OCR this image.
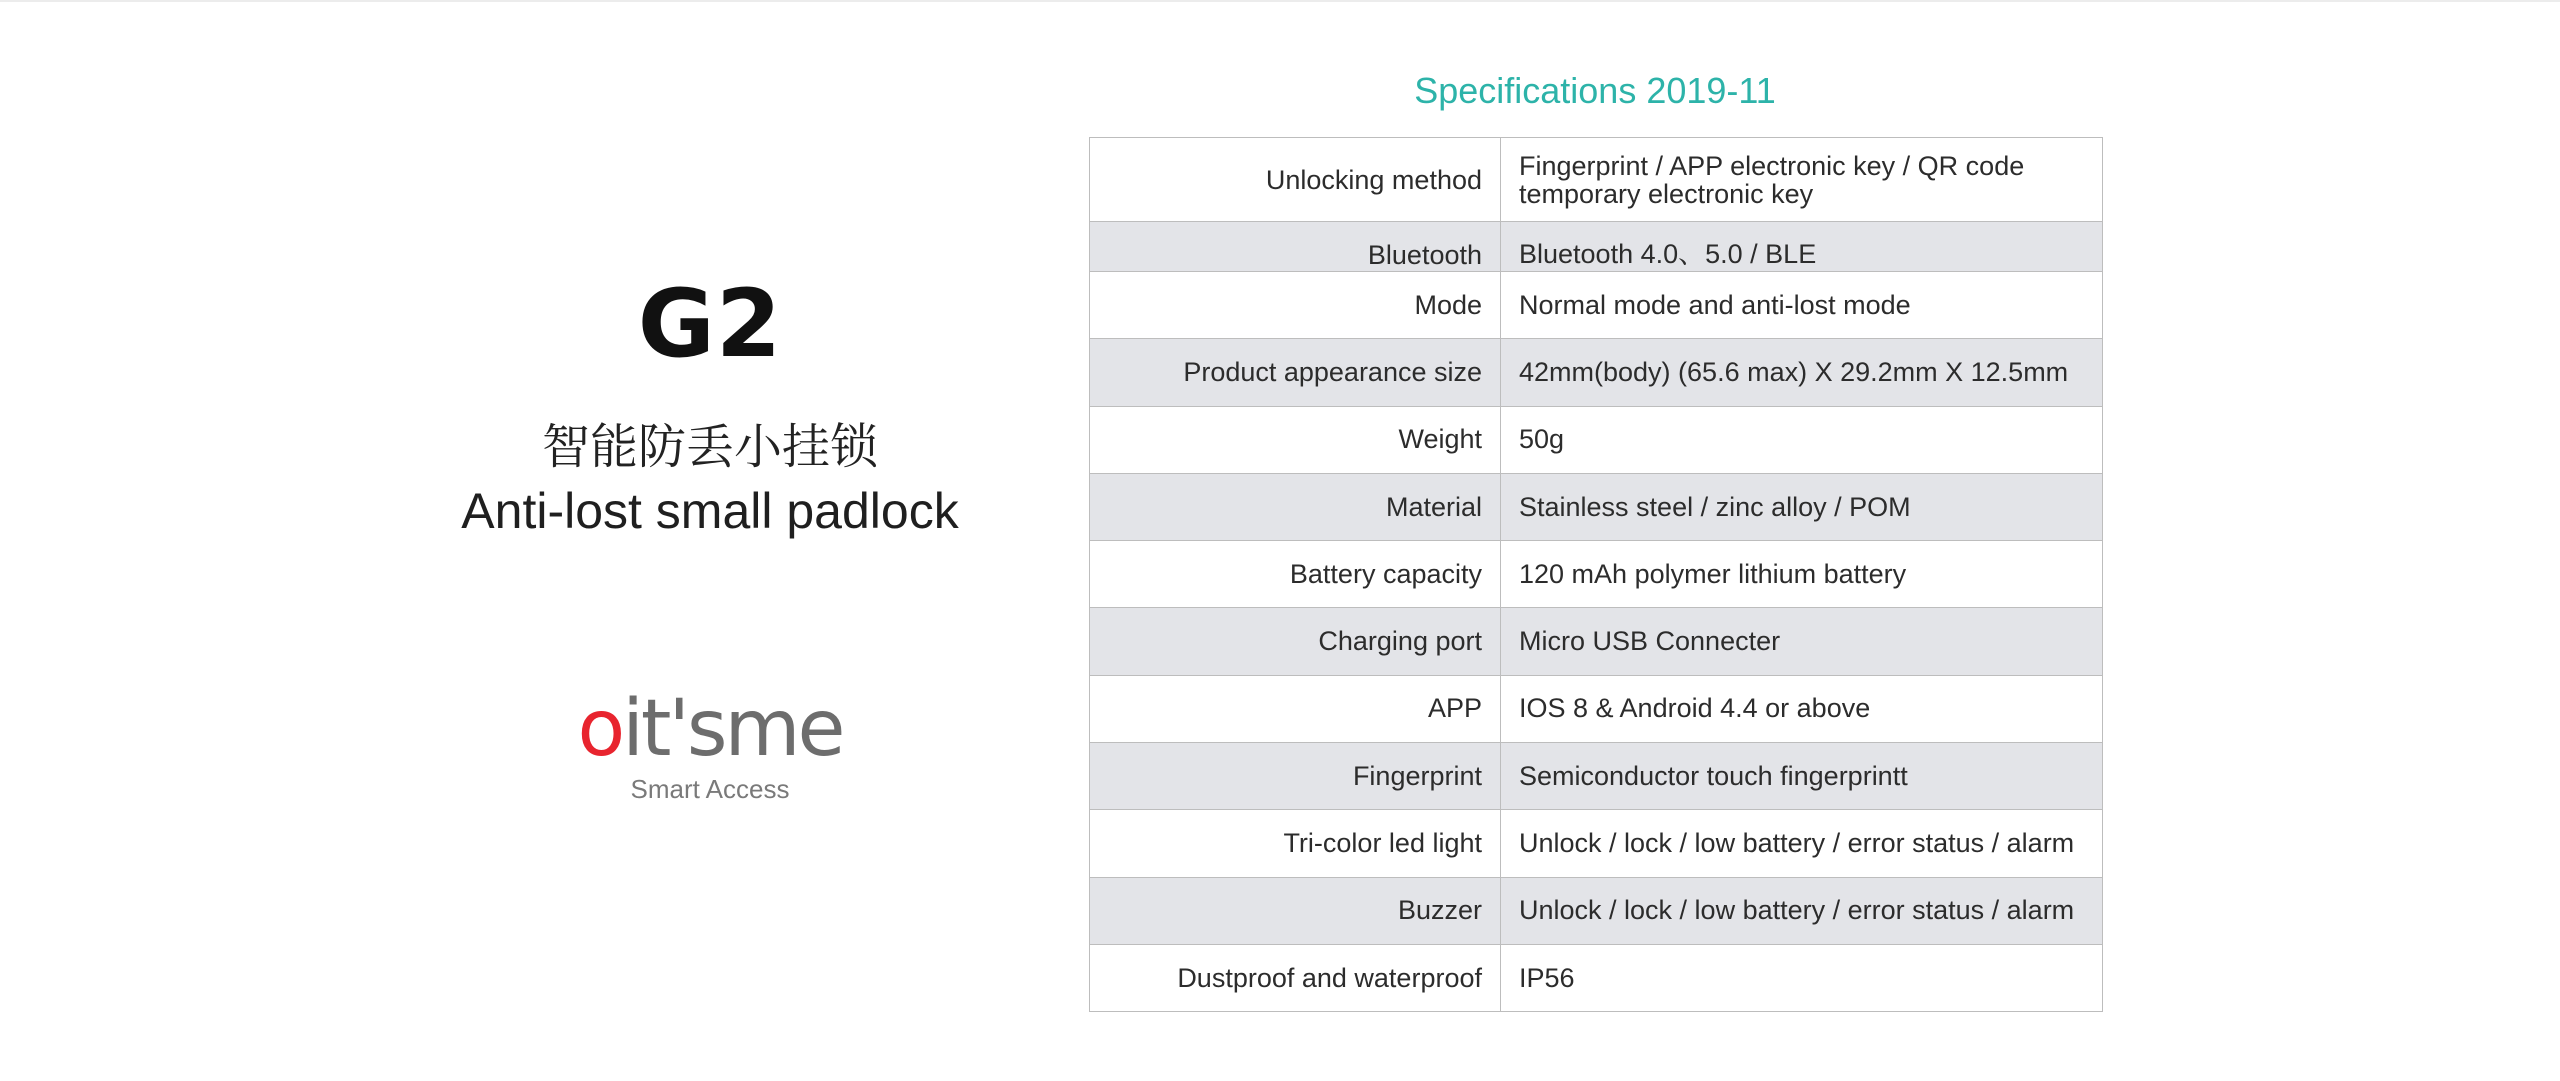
G2
智能防丢小挂锁
Anti-lost small padlock
oit'sme
Smart Access
Specifications 2019-11
Unlocking method	Fingerprint / APP electronic key / QR code temporary electronic key
Bluetooth	Bluetooth 4.0、5.0 / BLE
Mode	Normal mode and anti-lost mode
Product appearance size	42mm(body) (65.6 max) X 29.2mm X 12.5mm
Weight	50g
Material	Stainless steel / zinc alloy / POM
Battery capacity	120 mAh polymer lithium battery
Charging port	Micro USB Connecter
APP	IOS 8 & Android 4.4 or above
Fingerprint	Semiconductor touch fingerprintt
Tri-color led light	Unlock / lock / low battery / error status / alarm
Buzzer	Unlock / lock / low battery / error status / alarm
Dustproof and waterproof	IP56
